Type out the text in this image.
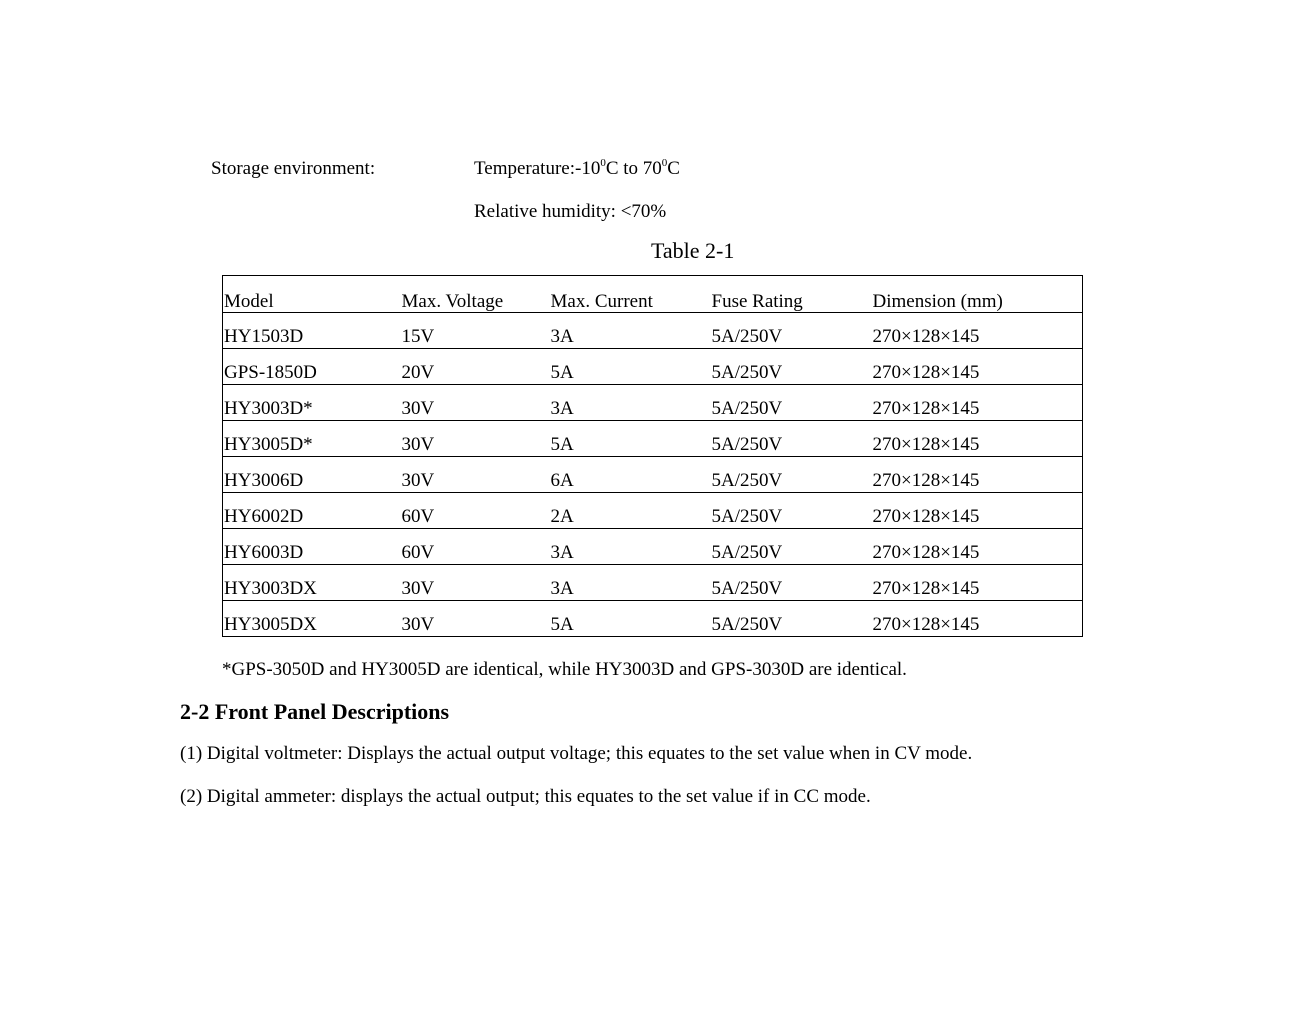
Storage environment:	$Temperature:-10^0C$ to $70^0C$
Relative humidity: <70%
Table 2-1
Model	Max. Voltage	Max. Current	Fuse Rating	Dimension (mm)
HY1503D	15V	3A	5A/250V	270×128×145
GPS-1850D	20V	5A	5A/250V	270×128×145
HY3003D*	30V	3A	5A/250V	270×128×145
HY3005D*	30V	5A	5A/250V	270×128×145
HY3006D	30V	6A	5A/250V	270×128×145
HY6002D	60V	2A	5A/250V	270×128×145
HY6003D	60V	3A	5A/250V	270×128×145
HY3003DX	30V	3A	5A/250V	270×128×145
HY3005DX	30V	5A	5A/250V	270×128×145
*GPS-3050D and HY3005D are identical, while HY3003D and GPS-3030D are identical.
2-2 Front Panel Descriptions
(1) Digital voltmeter: Displays the actual output voltage; this equates to the set value when in CV mode.
(2) Digital ammeter: displays the actual output; this equates to the set value if in CC mode.
